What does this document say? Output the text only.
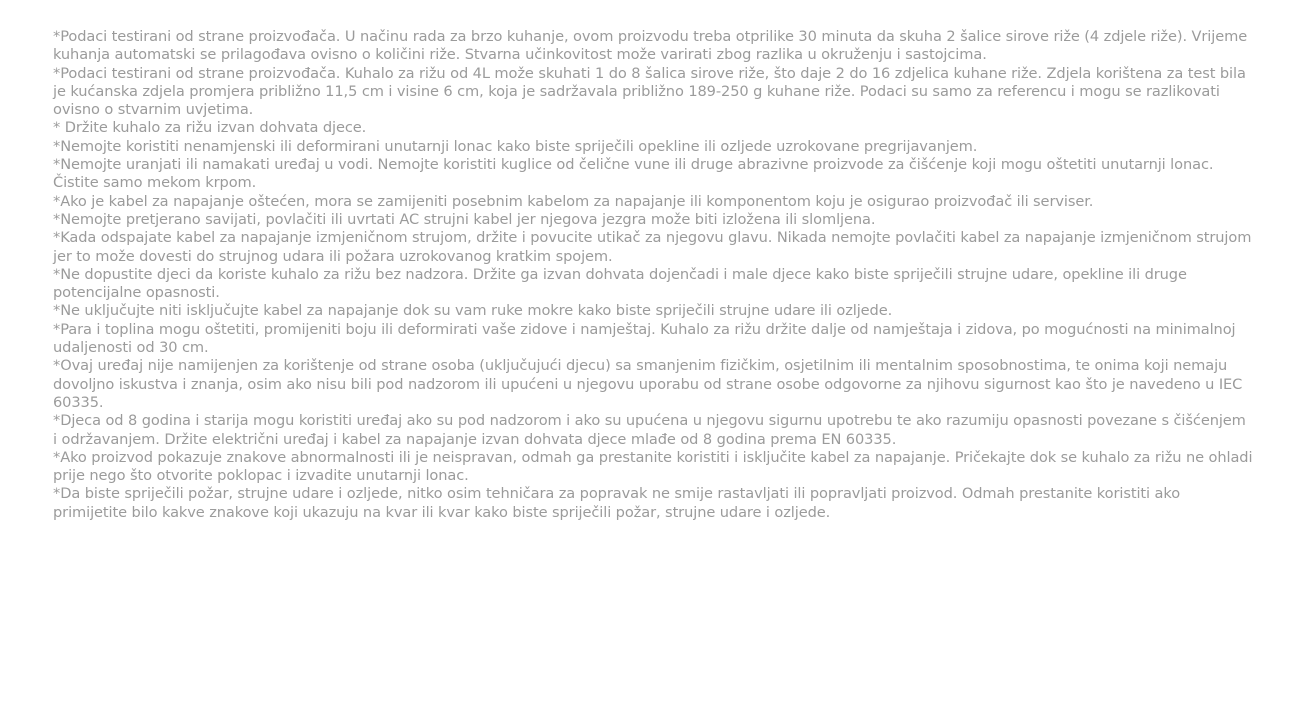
*Podaci testirani od strane proizvođača. U načinu rada za brzo kuhanje, ovom proizvodu treba otprilike 30 minuta da skuha 2 šalice sirove riže (4 zdjele riže). Vrijeme kuhanja automatski se prilagođava ovisno o količini riže. Stvarna učinkovitost može varirati zbog razlika u okruženju i sastojcima.

*Podaci testirani od strane proizvođača. Kuhalo za rižu od 4L može skuhati 1 do 8 šalica sirove riže, što daje 2 do 16 zdjelica kuhane riže. Zdjela korištena za test bila je kućanska zdjela promjera približno 11,5 cm i visine 6 cm, koja je sadržavala približno 189-250 g kuhane riže. Podaci su samo za referencu i mogu se razlikovati ovisno o stvarnim uvjetima.

* Držite kuhalo za rižu izvan dohvata djece.

*Nemojte koristiti nenamjenski ili deformirani unutarnji lonac kako biste spriječili opekline ili ozljede uzrokovane pregrijavanjem.

*Nemojte uranjati ili namakati uređaj u vodi. Nemojte koristiti kuglice od čelične vune ili druge abrazivne proizvode za čišćenje koji mogu oštetiti unutarnji lonac. Čistite samo mekom krpom.

*Ako je kabel za napajanje oštećen, mora se zamijeniti posebnim kabelom za napajanje ili komponentom koju je osigurao proizvođač ili serviser.

*Nemojte pretjerano savijati, povlačiti ili uvrtati AC strujni kabel jer njegova jezgra može biti izložena ili slomljena.

*Kada odspajate kabel za napajanje izmjeničnom strujom, držite i povucite utikač za njegovu glavu. Nikada nemojte povlačiti kabel za napajanje izmjeničnom strujom jer to može dovesti do strujnog udara ili požara uzrokovanog kratkim spojem.

*Ne dopustite djeci da koriste kuhalo za rižu bez nadzora. Držite ga izvan dohvata dojenčadi i male djece kako biste spriječili strujne udare, opekline ili druge potencijalne opasnosti.

*Ne uključujte niti isključujte kabel za napajanje dok su vam ruke mokre kako biste spriječili strujne udare ili ozljede.

*Para i toplina mogu oštetiti, promijeniti boju ili deformirati vaše zidove i namještaj. Kuhalo za rižu držite dalje od namještaja i zidova, po mogućnosti na minimalnoj udaljenosti od 30 cm.

*Ovaj uređaj nije namijenjen za korištenje od strane osoba (uključujući djecu) sa smanjenim fizičkim, osjetilnim ili mentalnim sposobnostima, te onima koji nemaju dovoljno iskustva i znanja, osim ako nisu bili pod nadzorom ili upućeni u njegovu uporabu od strane osobe odgovorne za njihovu sigurnost kao što je navedeno u IEC 60335.

*Djeca od 8 godina i starija mogu koristiti uređaj ako su pod nadzorom i ako su upućena u njegovu sigurnu upotrebu te ako razumiju opasnosti povezane s čišćenjem i održavanjem. Držite električni uređaj i kabel za napajanje izvan dohvata djece mlađe od 8 godina prema EN 60335.

*Ako proizvod pokazuje znakove abnormalnosti ili je neispravan, odmah ga prestanite koristiti i isključite kabel za napajanje. Pričekajte dok se kuhalo za rižu ne ohladi prije nego što otvorite poklopac i izvadite unutarnji lonac.

*Da biste spriječili požar, strujne udare i ozljede, nitko osim tehničara za popravak ne smije rastavljati ili popravljati proizvod. Odmah prestanite koristiti ako primijetite bilo kakve znakove koji ukazuju na kvar ili kvar kako biste spriječili požar, strujne udare i ozljede.
